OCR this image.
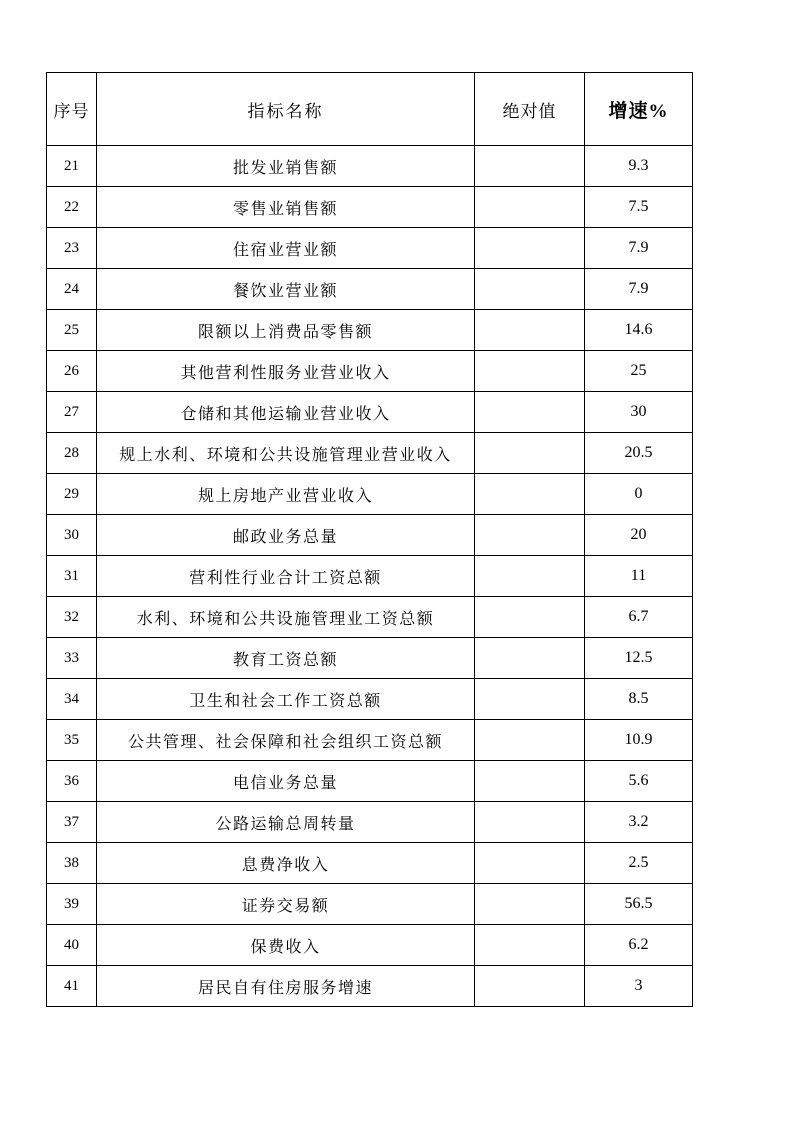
序号	指标名称	绝对值	增速%
21	批发业销售额		9.3
22	零售业销售额		7.5
23	住宿业营业额		7.9
24	餐饮业营业额		7.9
25	限额以上消费品零售额		14.6
26	其他营利性服务业营业收入		25
27	仓储和其他运输业营业收入		30
28	规上水利、环境和公共设施管理业营业收入		20.5
29	规上房地产业营业收入		0
30	邮政业务总量		20
31	营利性行业合计工资总额		11
32	水利、环境和公共设施管理业工资总额		6.7
33	教育工资总额		12.5
34	卫生和社会工作工资总额		8.5
35	公共管理、社会保障和社会组织工资总额		10.9
36	电信业务总量		5.6
37	公路运输总周转量		3.2
38	息费净收入		2.5
39	证券交易额		56.5
40	保费收入		6.2
41	居民自有住房服务增速		3
